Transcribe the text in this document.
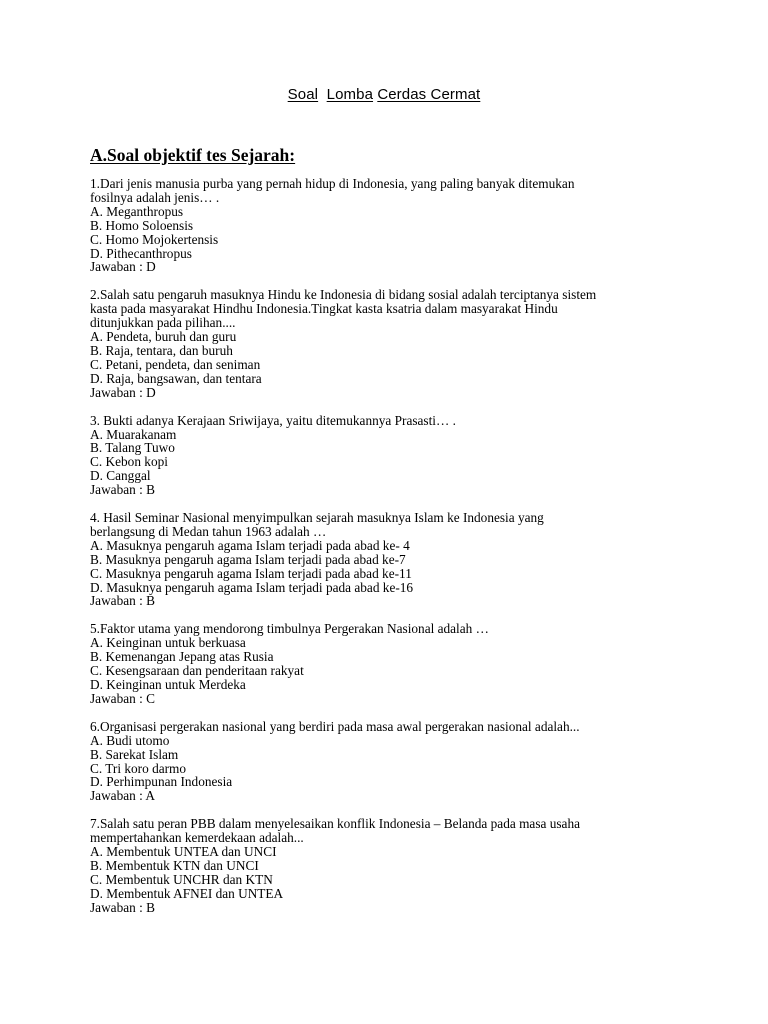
Soal Lomba Cerdas Cermat
A.Soal objektif tes Sejarah:
1.Dari jenis manusia purba yang pernah hidup di Indonesia, yang paling banyak ditemukan
fosilnya adalah jenis… .
A. Meganthropus
B. Homo Soloensis
C. Homo Mojokertensis
D. Pithecanthropus
Jawaban : D
2.Salah satu pengaruh masuknya Hindu ke Indonesia di bidang sosial adalah terciptanya sistem
kasta pada masyarakat Hindhu Indonesia.Tingkat kasta ksatria dalam masyarakat Hindu
ditunjukkan pada pilihan....
A. Pendeta, buruh dan guru
B. Raja, tentara, dan buruh
C. Petani, pendeta, dan seniman
D. Raja, bangsawan, dan tentara
Jawaban : D
3. Bukti adanya Kerajaan Sriwijaya, yaitu ditemukannya Prasasti… .
A. Muarakanam
B. Talang Tuwo
C. Kebon kopi
D. Canggal
Jawaban : B
4. Hasil Seminar Nasional menyimpulkan sejarah masuknya Islam ke Indonesia yang
berlangsung di Medan tahun 1963 adalah …
A. Masuknya pengaruh agama Islam terjadi pada abad ke- 4
B. Masuknya pengaruh agama Islam terjadi pada abad ke-7
C. Masuknya pengaruh agama Islam terjadi pada abad ke-11
D. Masuknya pengaruh agama Islam terjadi pada abad ke-16
Jawaban : B
5.Faktor utama yang mendorong timbulnya Pergerakan Nasional adalah …
A. Keinginan untuk berkuasa
B. Kemenangan Jepang atas Rusia
C. Kesengsaraan dan penderitaan rakyat
D. Keinginan untuk Merdeka
Jawaban : C
6.Organisasi pergerakan nasional yang berdiri pada masa awal pergerakan nasional adalah...
A. Budi utomo
B. Sarekat Islam
C. Tri koro darmo
D. Perhimpunan Indonesia
Jawaban : A
7.Salah satu peran PBB dalam menyelesaikan konflik Indonesia – Belanda pada masa usaha
mempertahankan kemerdekaan adalah...
A. Membentuk UNTEA dan UNCI
B. Membentuk KTN dan UNCI
C. Membentuk UNCHR dan KTN
D. Membentuk AFNEI dan UNTEA
Jawaban : B
